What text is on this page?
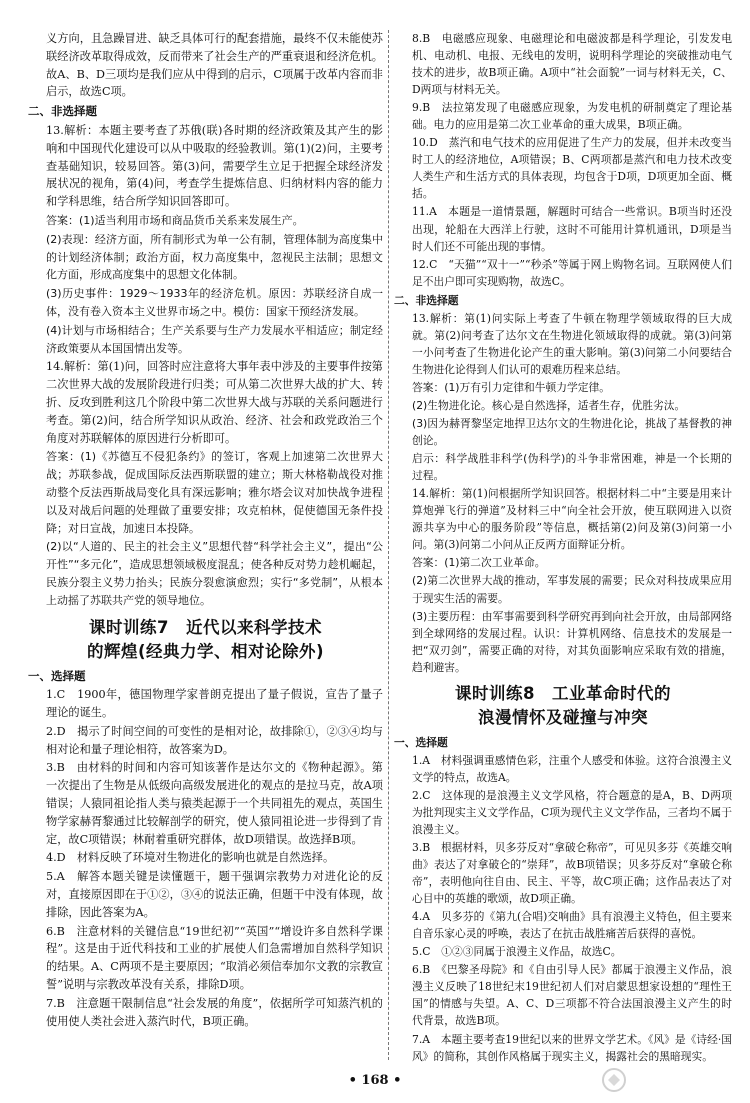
义方向，且急躁冒进、缺乏具体可行的配套措施，最终不仅未能使苏联经济改革取得成效，反而带来了社会生产的严重衰退和经济危机。故A、B、D三项均是我们应从中得到的启示，C项属于改革内容而非启示，故选C项。

二、非选择题

13.解析：本题主要考查了苏俄(联)各时期的经济政策及其产生的影响和中国现代化建设可以从中吸取的经验教训。第(1)(2)问，主要考查基础知识，较易回答。第(3)问，需要学生立足于把握全球经济发展状况的视角，第(4)问，考查学生提炼信息、归纳材料内容的能力和学科思维，结合所学知识回答即可。

答案：(1)适当利用市场和商品货币关系来发展生产。

(2)表现：经济方面，所有制形式为单一公有制，管理体制为高度集中的计划经济体制；政治方面，权力高度集中，忽视民主法制；思想文化方面，形成高度集中的思想文化体制。

(3)历史事件：1929～1933年的经济危机。原因：苏联经济自成一体，没有卷入资本主义世界市场之中。模仿：国家干预经济发展。

(4)计划与市场相结合；生产关系要与生产力发展水平相适应；制定经济政策要从本国国情出发等。

14.解析：第(1)问，回答时应注意将大事年表中涉及的主要事件按第二次世界大战的发展阶段进行归类；可从第二次世界大战的扩大、转折、反攻到胜利这几个阶段中第二次世界大战与苏联的关系问题进行考查。第(2)问，结合所学知识从政治、经济、社会和政党政治三个角度对苏联解体的原因进行分析即可。

答案：(1)《苏德互不侵犯条约》的签订，客观上加速第二次世界大战；苏联参战，促成国际反法西斯联盟的建立；斯大林格勒战役对推动整个反法西斯战局变化具有深远影响；雅尔塔会议对加快战争进程以及对战后问题的处理做了重要安排；攻克柏林，促使德国无条件投降；对日宣战，加速日本投降。

(2)以“人道的、民主的社会主义”思想代替“科学社会主义”，提出“公开性”“多元化”，造成思想领域极度混乱；使各种反对势力趁机崛起，民族分裂主义势力抬头；民族分裂愈演愈烈；实行“多党制”，从根本上动摇了苏联共产党的领导地位。

课时训练7　近代以来科学技术
的辉煌(经典力学、相对论除外)

一、选择题

1.C　1900年，德国物理学家普朗克提出了量子假说，宣告了量子理论的诞生。

2.D　揭示了时间空间的可变性的是相对论，故排除①，②③④均与相对论和量子理论相符，故答案为D。

3.B　由材料的时间和内容可知该著作是达尔文的《物种起源》。第一次提出了生物是从低级向高级发展进化的观点的是拉马克，故A项错误；人猿同祖论指人类与猿类起源于一个共同祖先的观点，英国生物学家赫胥黎通过比较解剖学的研究，使人猿同祖论进一步得到了肯定，故C项错误；林耐着重研究群体，故D项错误。故选择B项。

4.D　材料反映了环境对生物进化的影响也就是自然选择。

5.A　解答本题关键是读懂题干，题干强调宗教势力对进化论的反对，直接原因即在于①②，③④的说法正确，但题干中没有体现，故排除，因此答案为A。

6.B　注意材料的关键信息“19世纪初”“英国”“增设许多自然科学课程”。这是由于近代科技和工业的扩展使人们急需增加自然科学知识的结果。A、C两项不是主要原因；“取消必须信奉加尔文教的宗教宣誓”说明与宗教改革没有关系，排除D项。

7.B　注意题干限制信息“社会发展的角度”，依据所学可知蒸汽机的使用使人类社会进入蒸汽时代，B项正确。

8.B　电磁感应现象、电磁理论和电磁波都是科学理论，引发发电机、电动机、电报、无线电的发明，说明科学理论的突破推动电气技术的进步，故B项正确。A项中“社会面貌”一词与材料无关，C、D两项与材料无关。

9.B　法拉第发现了电磁感应现象，为发电机的研制奠定了理论基础。电力的应用是第二次工业革命的重大成果，B项正确。

10.D　蒸汽和电气技术的应用促进了生产力的发展，但并未改变当时工人的经济地位，A项错误；B、C两项都是蒸汽和电力技术改变人类生产和生活方式的具体表现，均包含于D项，D项更加全面、概括。

11.A　本题是一道情景题，解题时可结合一些常识。B项当时还没出现，轮船在大西洋上行驶，这时不可能用计算机通讯，D项是当时人们还不可能出现的事情。

12.C　“天猫”“双十一”“秒杀”等属于网上购物名词。互联网使人们足不出户即可实现购物，故选C。

二、非选择题

13.解析：第(1)问实际上考查了牛顿在物理学领域取得的巨大成就。第(2)问考查了达尔文在生物进化领域取得的成就。第(3)问第一小问考查了生物进化论产生的重大影响。第(3)问第二小问要结合生物进化论得到人们认可的艰难历程来总结。

答案：(1)万有引力定律和牛顿力学定律。

(2)生物进化论。核心是自然选择，适者生存，优胜劣汰。

(3)因为赫胥黎坚定地捍卫达尔文的生物进化论，挑战了基督教的神创论。

启示：科学战胜非科学(伪科学)的斗争非常困难，神是一个长期的过程。

14.解析：第(1)问根据所学知识回答。根据材料二中“主要是用来计算炮弹飞行的弹道”及材料三中“向全社会开放，使互联网进入以资源共享为中心的服务阶段”等信息，概括第(2)问及第(3)问第一小问。第(3)问第二小问从正反两方面辩证分析。

答案：(1)第二次工业革命。

(2)第二次世界大战的推动，军事发展的需要；民众对科技成果应用于现实生活的需要。

(3)主要历程：由军事需要到科学研究再到向社会开放，由局部网络到全球网络的发展过程。认识：计算机网络、信息技术的发展是一把“双刃剑”，需要正确的对待，对其负面影响应采取有效的措施，趋利避害。

课时训练8　工业革命时代的
浪漫情怀及碰撞与冲突

一、选择题

1.A　材料强调重感情色彩，注重个人感受和体验。这符合浪漫主义文学的特点，故选A。

2.C　这体现的是浪漫主义文学风格，符合题意的是A，B、D两项为批判现实主义文学作品，C项为现代主义文学作品，三者均不属于浪漫主义。

3.B　根据材料，贝多芬反对“拿破仑称帝”，可见贝多芬《英雄交响曲》表达了对拿破仑的“崇拜”，故B项错误；贝多芬反对“拿破仑称帝”，表明他向往自由、民主、平等，故C项正确；这作品表达了对心目中的英雄的歌颂，故D项正确。

4.A　贝多芬的《第九(合唱)交响曲》具有浪漫主义特色，但主要来自音乐家心灵的呼唤，表达了在抗击战胜痛苦后获得的喜悦。

5.C　①②③同属于浪漫主义作品，故选C。

6.B　《巴黎圣母院》和《自由引导人民》都属于浪漫主义作品，浪漫主义反映了18世纪末19世纪初人们对启蒙思想家设想的“理性王国”的情感与失望。A、C、D三项都不符合法国浪漫主义产生的时代背景，故选B项。

7.A　本题主要考查19世纪以来的世界文学艺术。《风》是《诗经·国风》的简称，其创作风格属于现实主义，揭露社会的黑暗现实。

• 168 •
